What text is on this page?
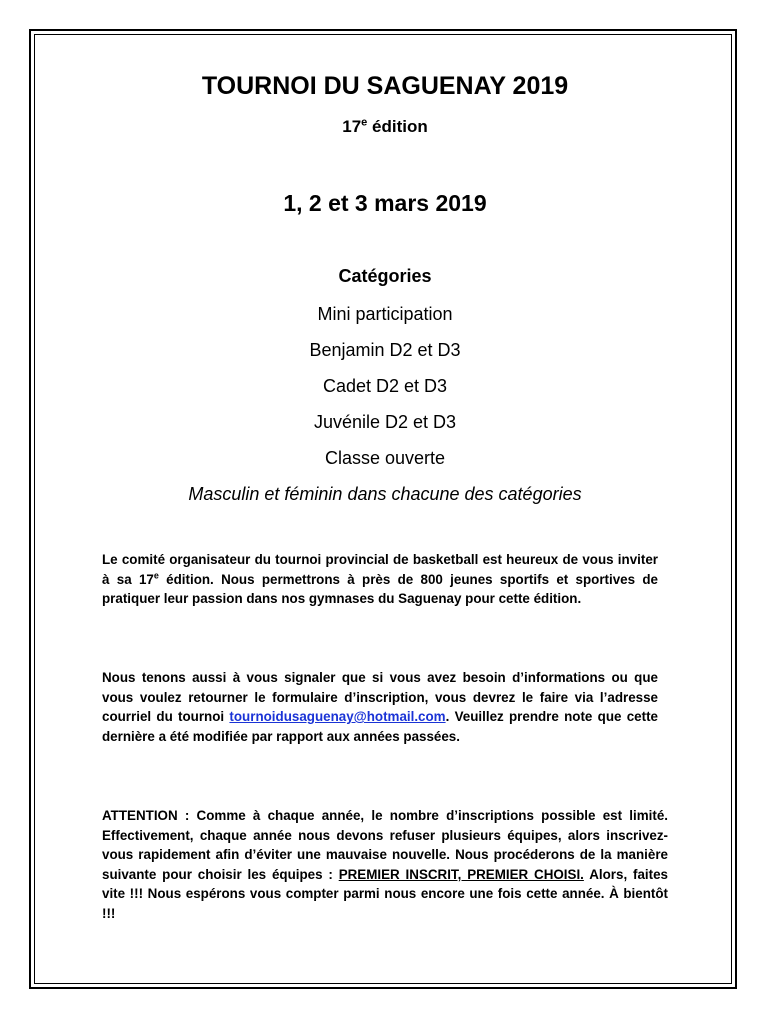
TOURNOI DU SAGUENAY 2019
17e édition
1, 2 et 3 mars 2019
Catégories
Mini participation
Benjamin D2 et D3
Cadet D2 et D3
Juvénile D2 et D3
Classe ouverte
Masculin et féminin dans chacune des catégories

Le comité organisateur du tournoi provincial de basketball est heureux de vous inviter à sa 17e édition. Nous permettrons à près de 800 jeunes sportifs et sportives de pratiquer leur passion dans nos gymnases du Saguenay pour cette édition.

Nous tenons aussi à vous signaler que si vous avez besoin d’informations ou que vous voulez retourner le formulaire d’inscription, vous devrez le faire via l’adresse courriel du tournoi tournoidusaguenay@hotmail.com. Veuillez prendre note que cette dernière a été modifiée par rapport aux années passées.

ATTENTION : Comme à chaque année, le nombre d’inscriptions possible est limité. Effectivement, chaque année nous devons refuser plusieurs équipes, alors inscrivez-vous rapidement afin d’éviter une mauvaise nouvelle. Nous procéderons de la manière suivante pour choisir les équipes : PREMIER INSCRIT, PREMIER CHOISI. Alors, faites vite !!! Nous espérons vous compter parmi nous encore une fois cette année. À bientôt !!!
